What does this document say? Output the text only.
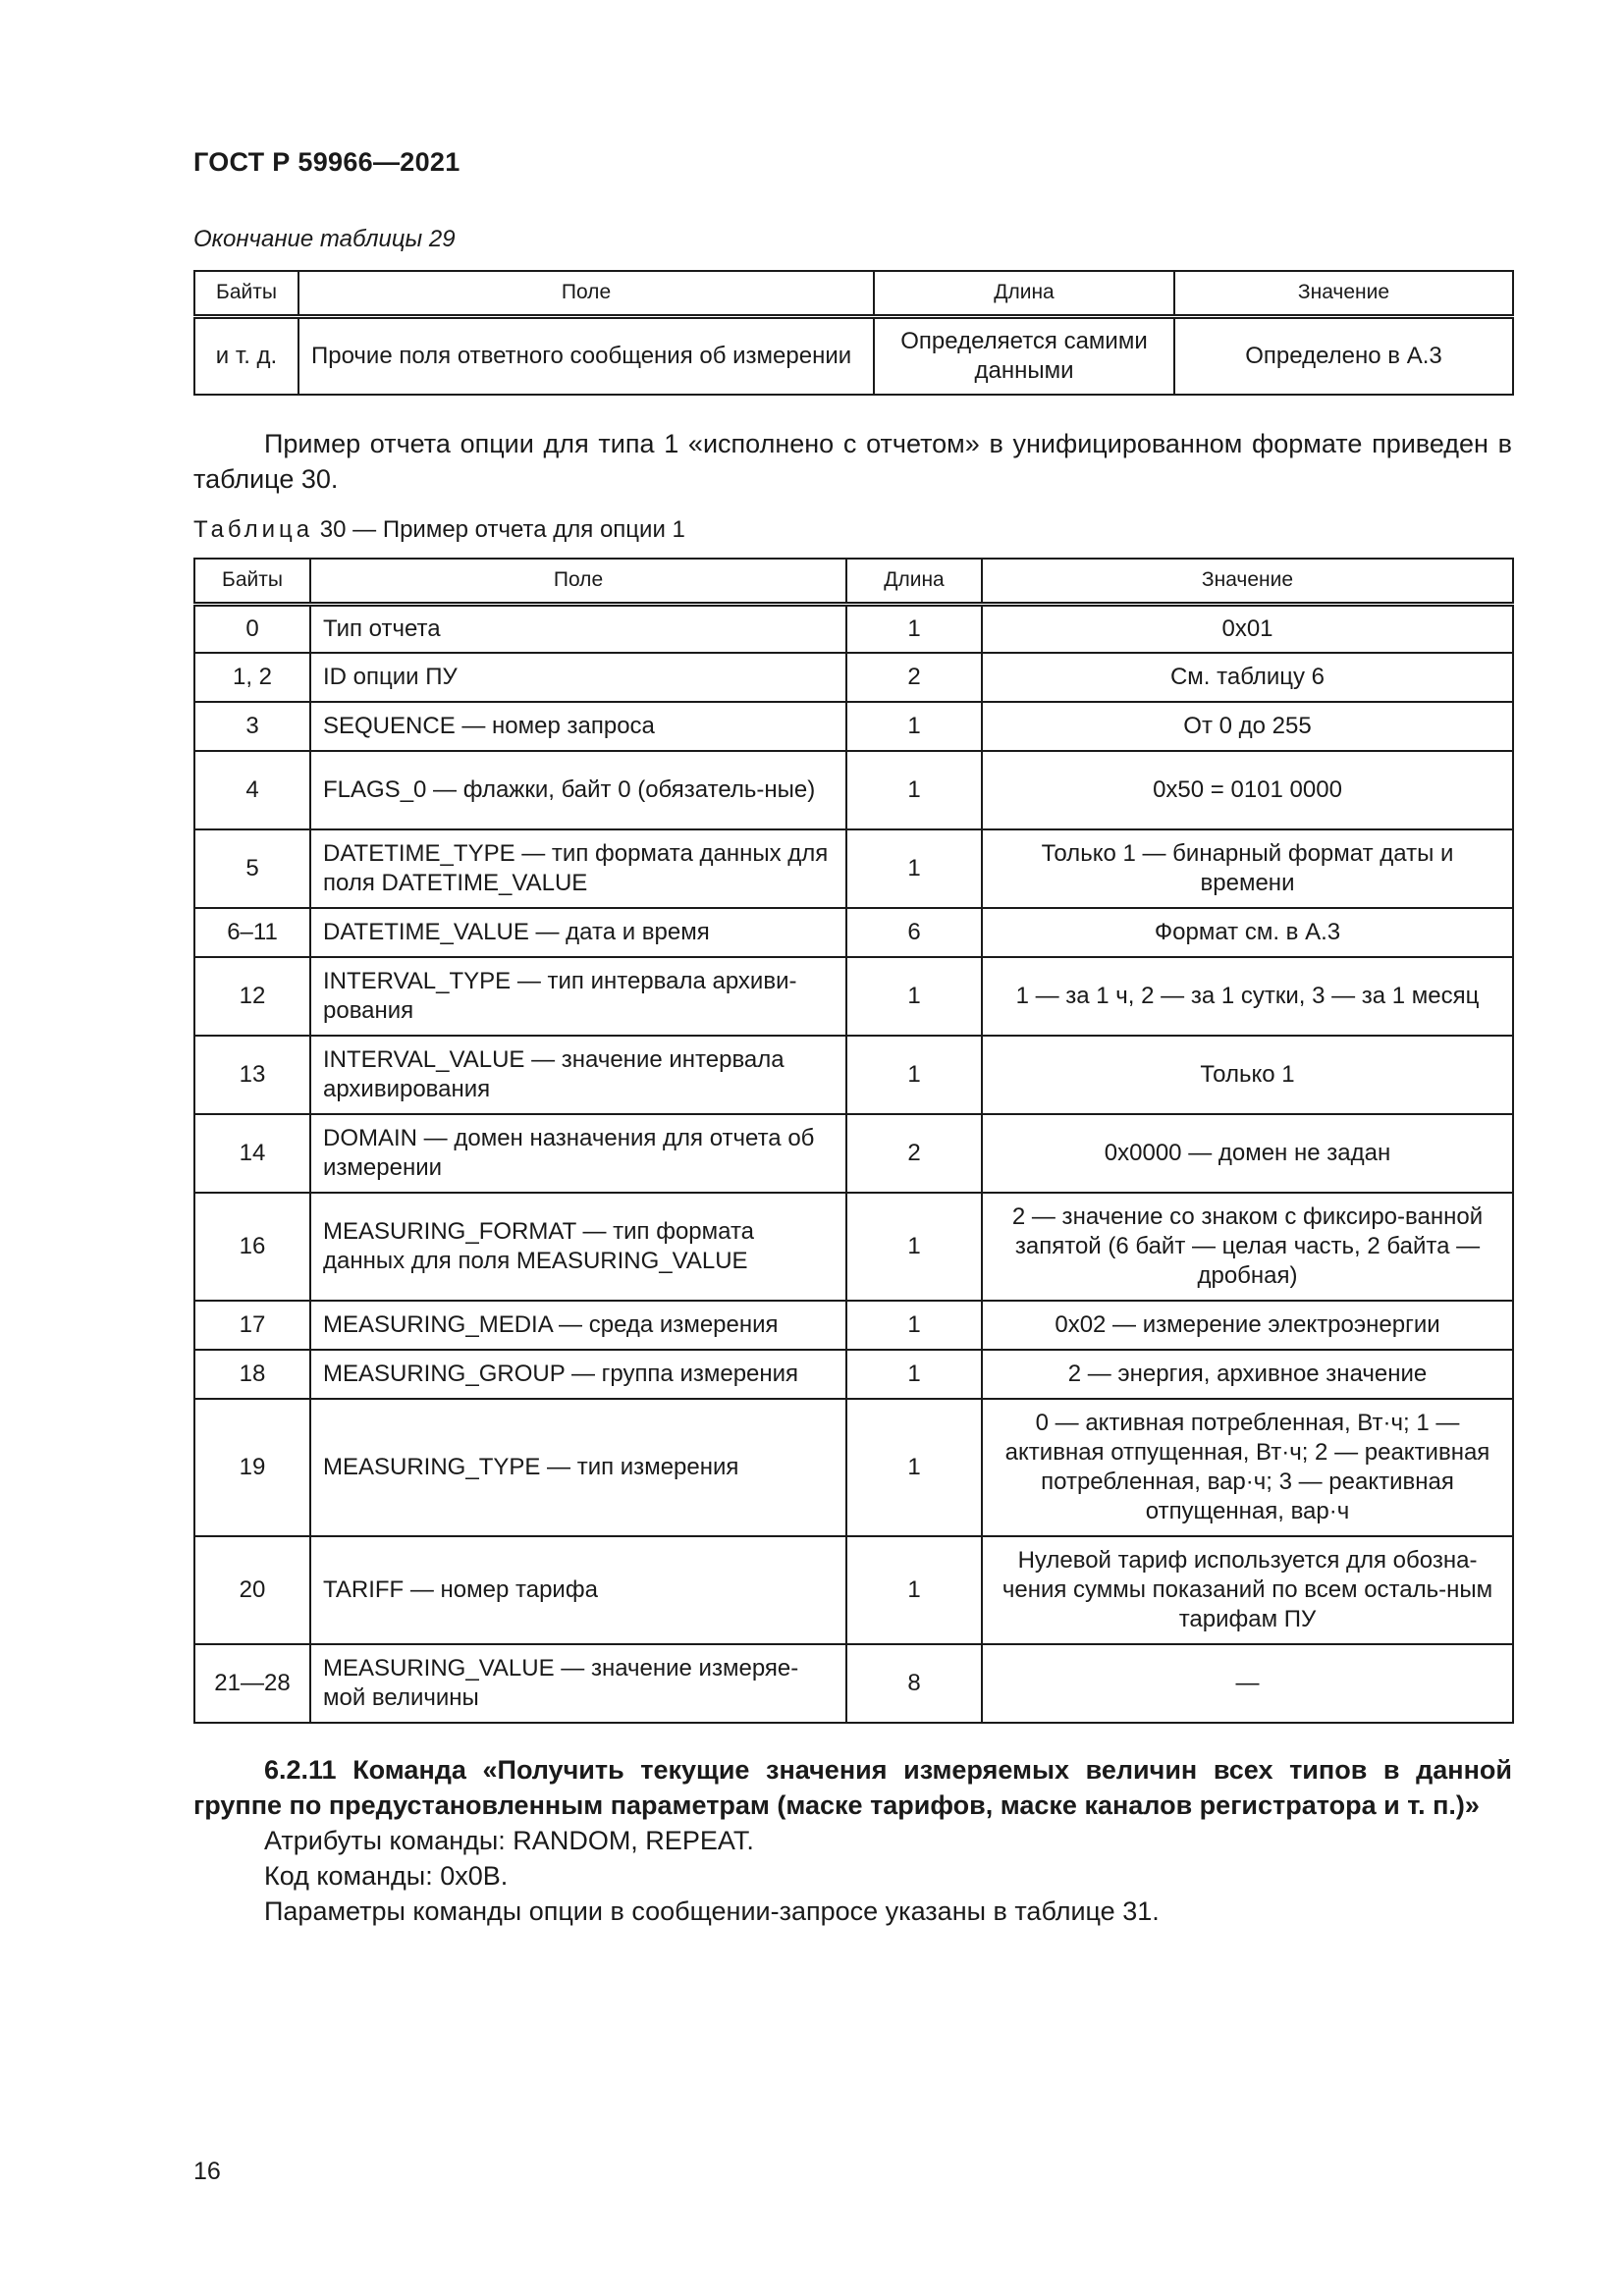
ГОСТ Р 59966—2021
Окончание таблицы 29
Байты	Поле	Длина	Значение
и т. д.	Прочие поля ответного сообщения об измерении	Определяется самими данными	Определено в А.3
Пример отчета опции для типа 1 «исполнено с отчетом» в унифицированном формате приведен в таблице 30.
Таблица 30 — Пример отчета для опции 1
Байты	Поле	Длина	Значение
0	Тип отчета	1	0x01
1, 2	ID опции ПУ	2	См. таблицу 6
3	SEQUENCE — номер запроса	1	От 0 до 255
4	FLAGS_0 — флажки, байт 0 (обязатель-ные)	1	0x50 = 0101 0000
5	DATETIME_TYPE — тип формата данных для поля DATETIME_VALUE	1	Только 1 — бинарный формат даты и времени
6–11	DATETIME_VALUE — дата и время	6	Формат см. в А.3
12	INTERVAL_TYPE — тип интервала архиви-рования	1	1 — за 1 ч, 2 — за 1 сутки, 3 — за 1 месяц
13	INTERVAL_VALUE — значение интервала архивирования	1	Только 1
14	DOMAIN — домен назначения для отчета об измерении	2	0x0000 — домен не задан
16	MEASURING_FORMAT — тип формата данных для поля MEASURING_VALUE	1	2 — значение со знаком с фиксиро-ванной запятой (6 байт — целая часть, 2 байта — дробная)
17	MEASURING_MEDIA — среда измерения	1	0x02 — измерение электроэнергии
18	MEASURING_GROUP — группа измерения	1	2 — энергия, архивное значение
19	MEASURING_TYPE — тип измерения	1	0 — активная потребленная, Вт·ч; 1 — активная отпущенная, Вт·ч; 2 — реактивная потребленная, вар·ч; 3 — реактивная отпущенная, вар·ч
20	TARIFF — номер тарифа	1	Нулевой тариф используется для обозна-чения суммы показаний по всем осталь-ным тарифам ПУ
21—28	MEASURING_VALUE — значение измеряе-мой величины	8	—
6.2.11 Команда «Получить текущие значения измеряемых величин всех типов в данной группе по предустановленным параметрам (маске тарифов, маске каналов регистратора и т. п.)»
Атрибуты команды: RANDOM, REPEAT.
Код команды: 0x0B.
Параметры команды опции в сообщении-запросе указаны в таблице 31.
16
